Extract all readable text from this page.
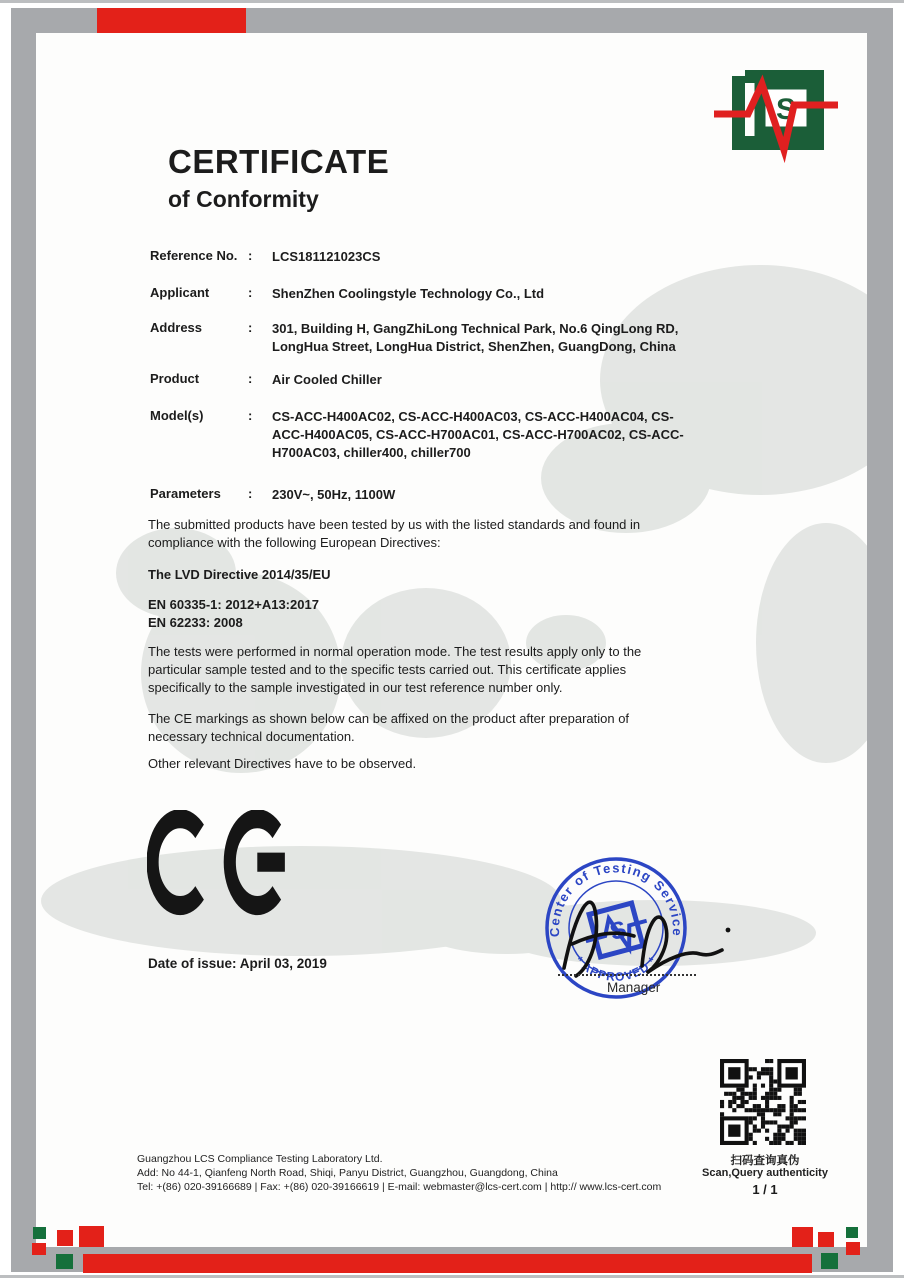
S
CERTIFICATE
of Conformity
Reference No. : LCS181121023CS
Applicant	: ShenZhen Coolingstyle Technology Co., Ltd
Address	: 301, Building H, GangZhiLong Technical Park, No.6 QingLong RD,
LongHua Street, LongHua District, ShenZhen, GuangDong, China
Product	: Air Cooled Chiller
Model(s)	: CS-ACC-H400AC02, CS-ACC-H400AC03, CS-ACC-H400AC04, CS-
ACC-H400AC05, CS-ACC-H700AC01, CS-ACC-H700AC02, CS-ACC-
H700AC03, chiller400, chiller700
Parameters	: 230V~, 50Hz, 1100W
The submitted products have been tested by us with the listed standards and found in
compliance with the following European Directives:
The LVD Directive 2014/35/EU
EN 60335-1: 2012+A13:2017
EN 62233: 2008
The tests were performed in normal operation mode. The test results apply only to the
particular sample tested and to the specific tests carried out. This certificate applies
specifically to the sample investigated in our test reference number only.
The CE markings as shown below can be affixed on the product after preparation of
necessary technical documentation.
Other relevant Directives have to be observed.
Date of issue: April 03, 2019
Center of Testing Service
* APPROVED *
S
Manager
Guangzhou LCS Compliance Testing Laboratory Ltd.
Add: No 44-1, Qianfeng North Road, Shiqi, Panyu District, Guangzhou, Guangdong, China
Tel: +(86) 020-39166689 | Fax: +(86) 020-39166619 | E-mail: webmaster@lcs-cert.com | http:// www.lcs-cert.com
扫码查询真伪
Scan,Query authenticity
1 / 1
